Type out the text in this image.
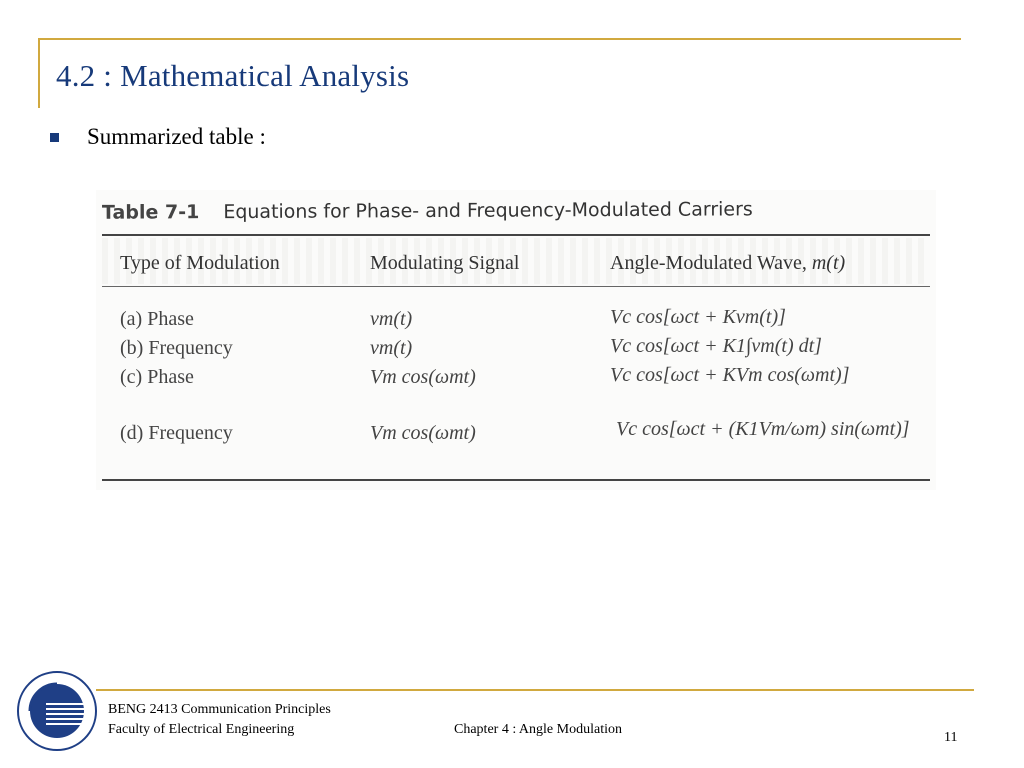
4.2 : Mathematical Analysis
Summarized table :
Table 7-1 Equations for Phase- and Frequency-Modulated Carriers
Type of Modulation	Modulating Signal	Angle-Modulated Wave, m(t)
(a) Phase	vm(t)	Vc cos[ωct + Kvm(t)]
(b) Frequency	vm(t)	Vc cos[ωct + K1∫vm(t) dt]
(c) Phase	Vm cos(ωmt)	Vc cos[ωct + KVm cos(ωmt)]
(d) Frequency	Vm cos(ωmt)	Vc cos[ωct + (K1Vm/ωm) sin(ωmt)]
BENG 2413 Communication Principles
Faculty of Electrical Engineering	Chapter 4 : Angle Modulation
11
